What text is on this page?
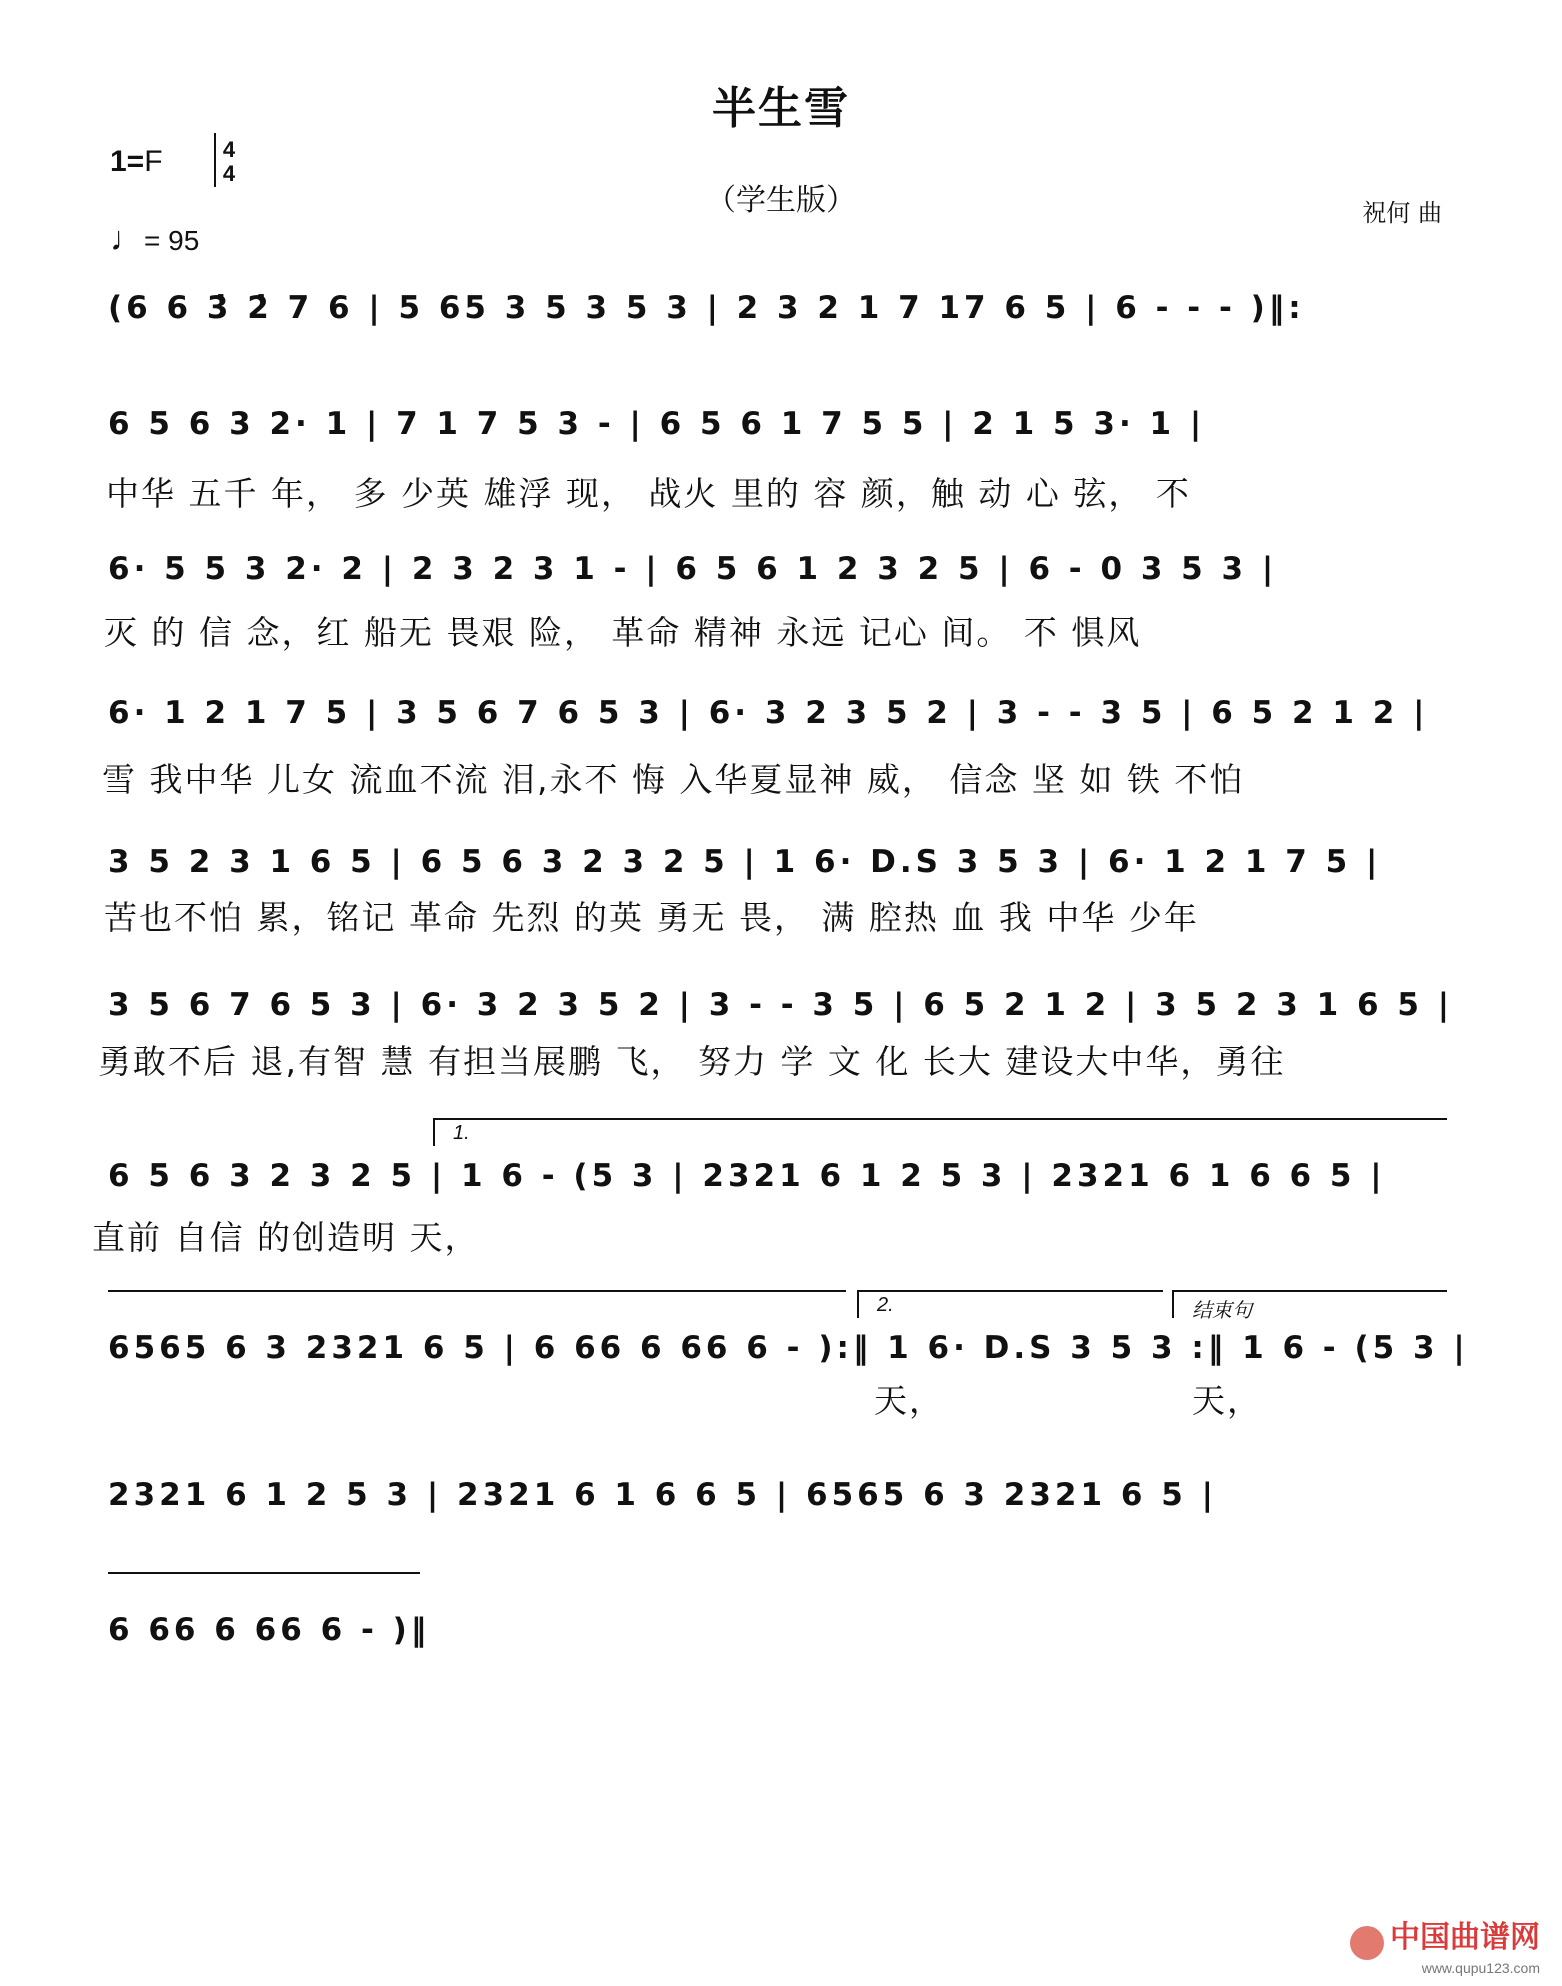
半生雪
（学生版）
1=F	4
4
♩= 95
祝何 曲
(6 6 3̇ 2̇ 7 6 | 5 65 3 5 3 5 3 | 2 3 2 1 7 17 6 5 | 6 - - - )‖:
6 5 6 3 2· 1 | 7 1 7 5 3 - | 6 5 6 1 7 5 5 | 2 1 5 3· 1 |
中华 五千 年， 多 少英 雄浮 现， 战火 里的 容 颜，触 动 心 弦， 不
6· 5 5 3 2· 2 | 2 3 2 3 1 - | 6 5 6 1 2 3 2 5 | 6 - 0 3 5 3 |
灭 的 信 念，红 船无 畏艰 险， 革命 精神 永远 记心 间。 不 惧风
6· 1 2 1 7 5 | 3 5 6 7 6 5 3 | 6· 3 2 3 5 2 | 3 - - 3 5 | 6 5 2 1 2 |
雪 我中华 儿女 流血不流 泪,永不 悔 入华夏显神 威， 信念 坚 如 铁 不怕
3 5 2 3 1 6 5 | 6 5 6 3 2 3 2 5 | 1 6· D.S 3 5 3 | 6· 1 2 1 7 5 |
苦也不怕 累，铭记 革命 先烈 的英 勇无 畏， 满 腔热 血 我 中华 少年
3 5 6 7 6 5 3 | 6· 3 2 3 5 2 | 3 - - 3 5 | 6 5 2 1 2 | 3 5 2 3 1 6 5 |
勇敢不后 退,有智 慧 有担当展鹏 飞， 努力 学 文 化 长大 建设大中华，勇往
1.
6 5 6 3 2 3 2 5 | 1 6 - (5 3 | 2321 6 1 2 5 3 | 2321 6 1 6 6 5 |
直前 自信 的创造明 天，
2.	结束句
6565 6 3 2321 6 5 | 6 66 6 66 6 - ):‖ 1 6· D.S 3 5 3 :‖ 1 6 - (5 3 |
天，	天，
2321 6 1 2 5 3 | 2321 6 1 6 6 5 | 6565 6 3 2321 6 5 |
6 66 6 66 6 - )‖
中国曲谱网
www.qupu123.com
